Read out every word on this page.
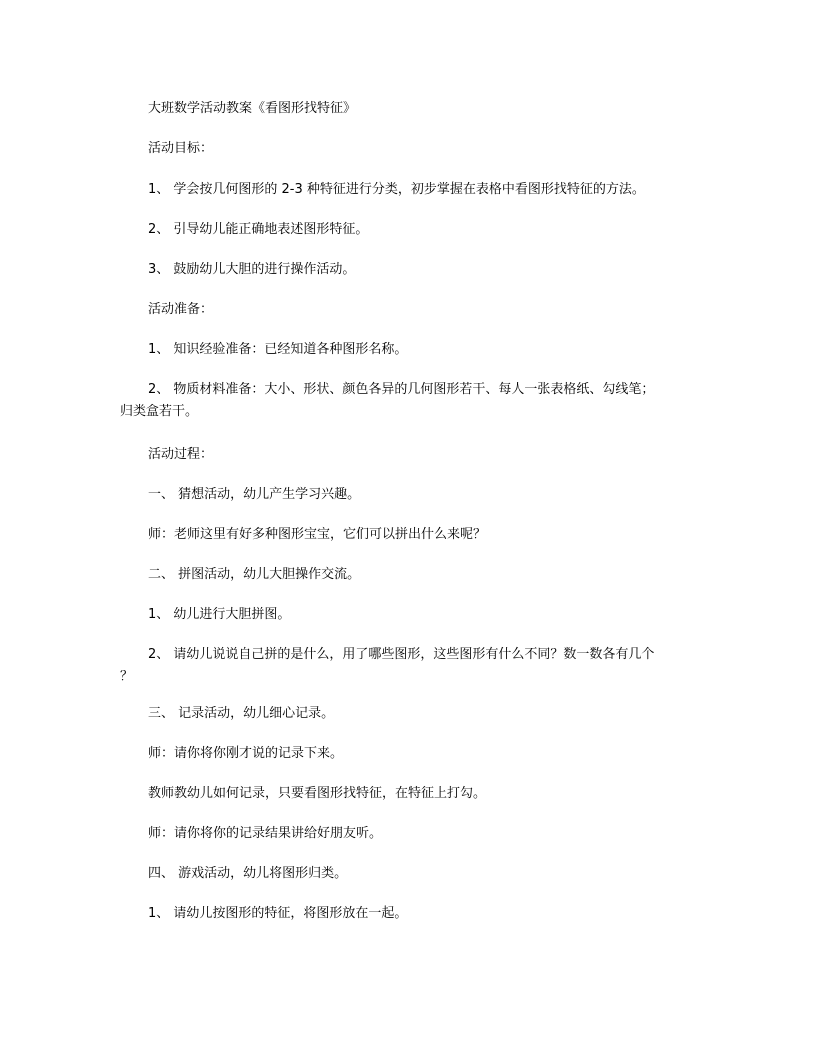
大班数学活动教案《看图形找特征》
活动目标：
1、 学会按几何图形的 2-3 种特征进行分类，初步掌握在表格中看图形找特征的方法。
2、 引导幼儿能正确地表述图形特征。
3、 鼓励幼儿大胆的进行操作活动。
活动准备：
1、 知识经验准备：已经知道各种图形名称。
2、 物质材料准备：大小、形状、颜色各异的几何图形若干、每人一张表格纸、勾线笔；
归类盒若干。
活动过程：
一、 猜想活动，幼儿产生学习兴趣。
师：老师这里有好多种图形宝宝，它们可以拼出什么来呢？
二、 拼图活动，幼儿大胆操作交流。
1、 幼儿进行大胆拼图。
2、 请幼儿说说自己拼的是什么，用了哪些图形，这些图形有什么不同？数一数各有几个
？
三、 记录活动，幼儿细心记录。
师：请你将你刚才说的记录下来。
教师教幼儿如何记录，只要看图形找特征，在特征上打勾。
师：请你将你的记录结果讲给好朋友听。
四、 游戏活动，幼儿将图形归类。
1、 请幼儿按图形的特征，将图形放在一起。
